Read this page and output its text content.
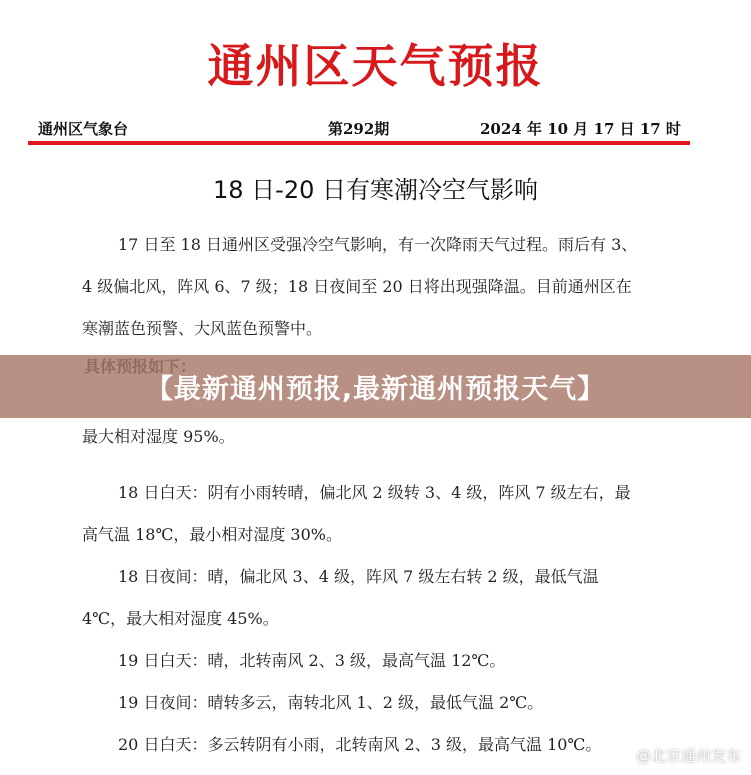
通州区天气预报
通州区气象台	第292期	2024 年 10 月 17 日 17 时
18 日-20 日有寒潮冷空气影响

17 日至 18 日通州区受强冷空气影响，有一次降雨天气过程。雨后有 3、4 级偏北风，阵风 6、7 级；18 日夜间至 20 日将出现强降温。目前通州区在寒潮蓝色预警、大风蓝色预警中。

最大相对湿度 95%。

18 日白天：阴有小雨转晴，偏北风 2 级转 3、4 级，阵风 7 级左右，最高气温 18℃，最小相对湿度 30%。

18 日夜间：晴，偏北风 3、4 级，阵风 7 级左右转 2 级，最低气温 4℃，最大相对湿度 45%。

19 日白天：晴，北转南风 2、3 级，最高气温 12℃。

19 日夜间：晴转多云，南转北风 1、2 级，最低气温 2℃。

20 日白天：多云转阴有小雨，北转南风 2、3 级，最高气温 10℃。

【最新通州预报,最新通州预报天气】
@北京通州发布
